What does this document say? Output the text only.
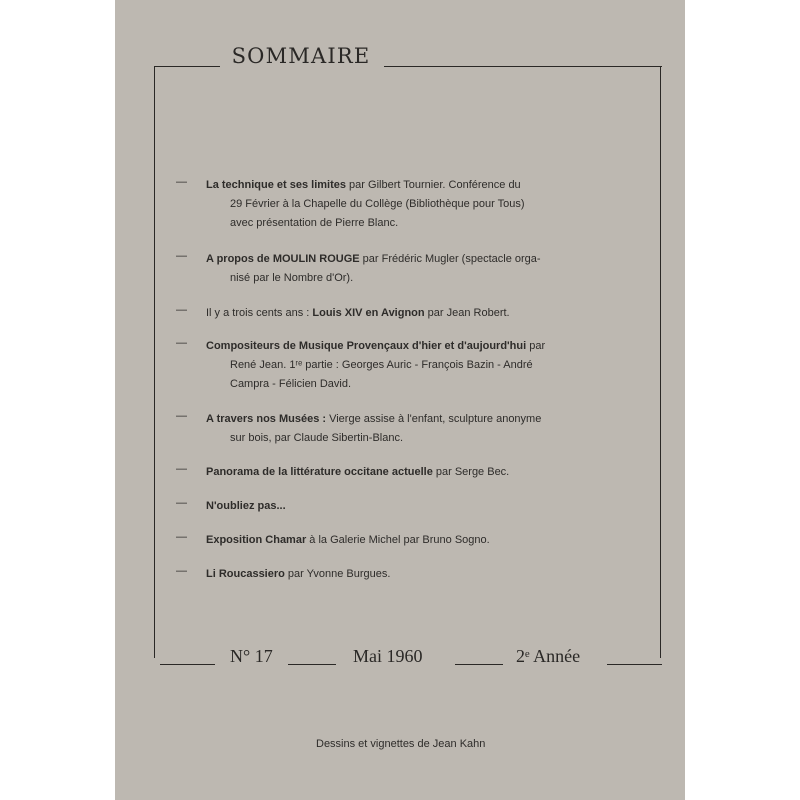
SOMMAIRE
—	La technique et ses limites par Gilbert Tournier. Conférence du
29 Février à la Chapelle du Collège (Bibliothèque pour Tous)
avec présentation de Pierre Blanc.
—	A propos de MOULIN ROUGE par Frédéric Mugler (spectacle orga-
nisé par le Nombre d'Or).
—	Il y a trois cents ans : Louis XIV en Avignon par Jean Robert.
—	Compositeurs de Musique Provençaux d'hier et d'aujourd'hui par
René Jean. 1ʳᵉ partie : Georges Auric - François Bazin - André
Campra - Félicien David.
—	A travers nos Musées : Vierge assise à l'enfant, sculpture anonyme
sur bois, par Claude Sibertin-Blanc.
—	Panorama de la littérature occitane actuelle par Serge Bec.
—	N'oubliez pas...
—	Exposition Chamar à la Galerie Michel par Bruno Sogno.
—	Li Roucassiero par Yvonne Burgues.
N° 17	Mai 1960	2ᵉ Année
Dessins et vignettes de Jean Kahn
